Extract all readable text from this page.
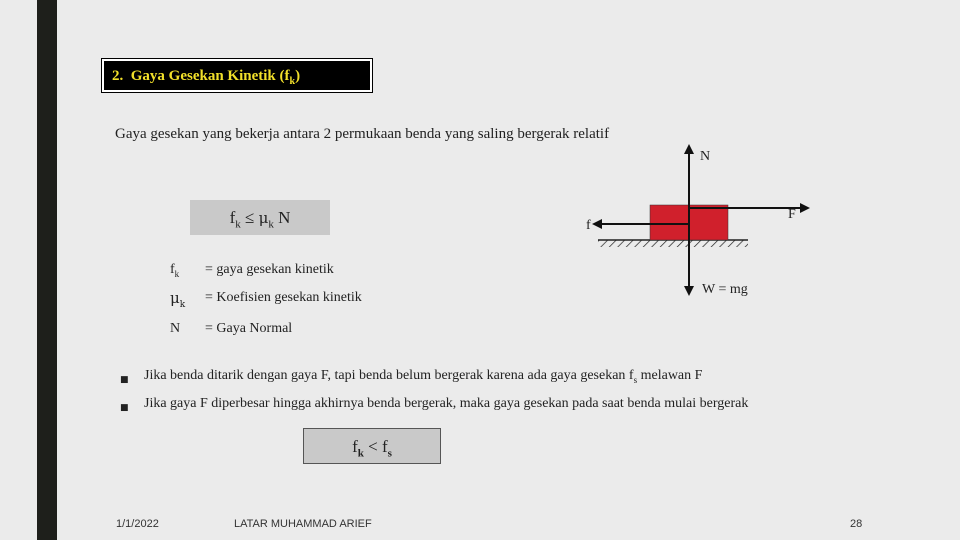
2. Gaya Gesekan Kinetik $(f_k)$
Gaya gesekan yang bekerja antara 2 permukaan benda yang saling bergerak relatif
$f_k \le \mu_k$ N
$f_k$	= gaya gesekan kinetik
$\mu_k$	= Koefisien gesekan kinetik
N	= Gaya Normal
N
F
f
W = mg
■	Jika benda ditarik dengan gaya F, tapi benda belum bergerak karena ada gaya gesekan $f_s$ melawan F
■	Jika gaya F diperbesar hingga akhirnya benda bergerak, maka gaya gesekan pada saat benda mulai bergerak
$f_k < f_s$
1/1/2022	LATAR MUHAMMAD ARIEF	28
